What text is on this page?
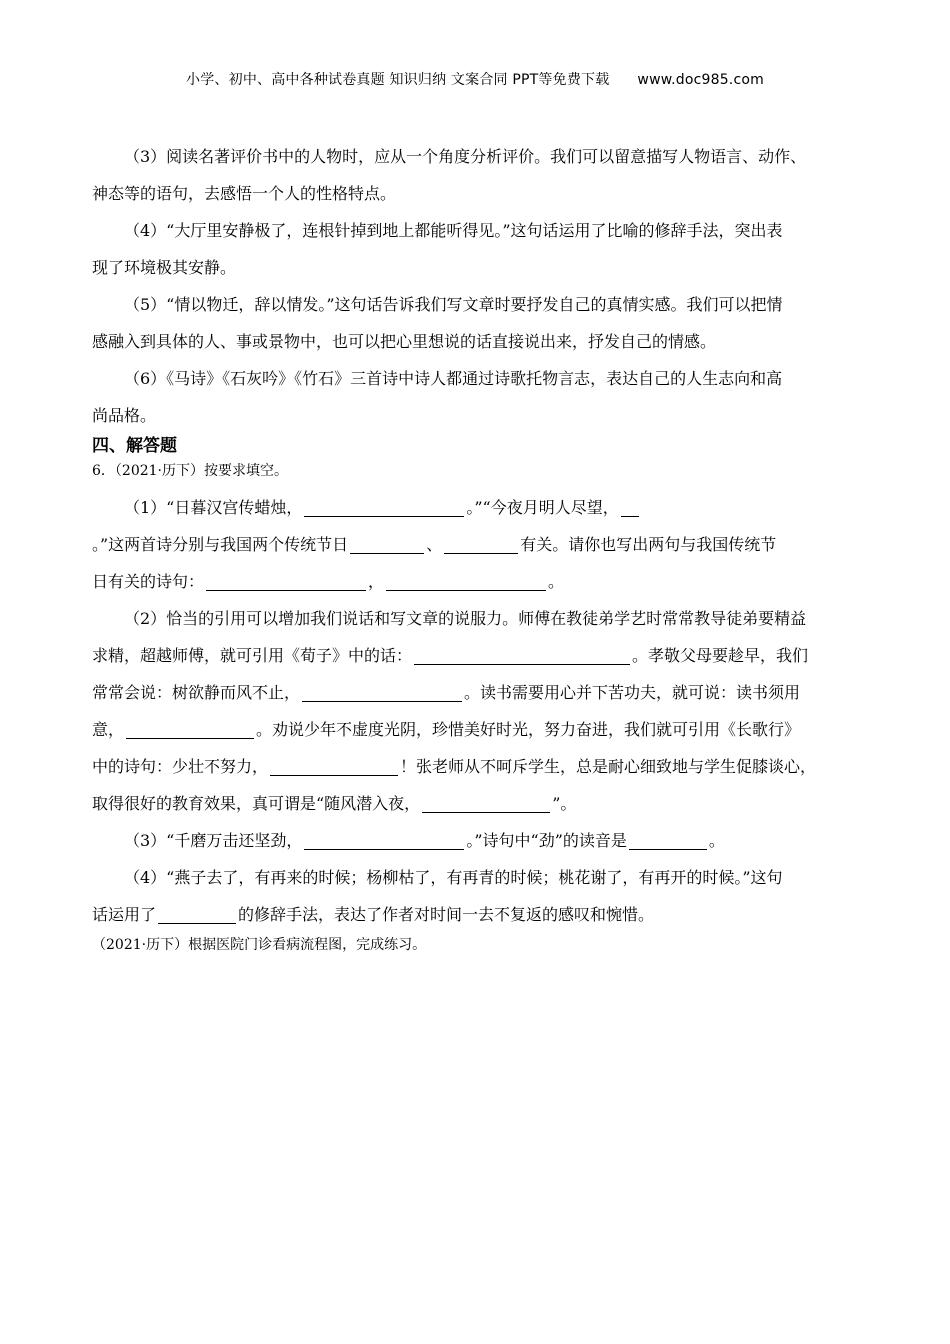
小学、初中、高中各种试卷真题 知识归纳 文案合同 PPT等免费下载 www.doc985.com
（3）阅读名著评价书中的人物时，应从一个角度分析评价。我们可以留意描写人物语言、动作、
神态等的语句，去感悟一个人的性格特点。
（4）“大厅里安静极了，连根针掉到地上都能听得见。”这句话运用了比喻的修辞手法，突出表
现了环境极其安静。
（5）“情以物迁，辞以情发。”这句话告诉我们写文章时要抒发自己的真情实感。我们可以把情
感融入到具体的人、事或景物中，也可以把心里想说的话直接说出来，抒发自己的情感。
（6）《马诗》《石灰吟》《竹石》三首诗中诗人都通过诗歌托物言志，表达自己的人生志向和高
尚品格。
四、解答题
6．（2021·历下）按要求填空。
（1）“日暮汉宫传蜡烛，	。”“今夜月明人尽望，
。”这两首诗分别与我国两个传统节日	、	有关。请你也写出两句与我国传统节
日有关的诗句：	，	。
（2）恰当的引用可以增加我们说话和写文章的说服力。师傅在教徒弟学艺时常常教导徒弟要精益
求精，超越师傅，就可引用《荀子》中的话：	。孝敬父母要趁早，我们
常常会说：树欲静而风不止，	。读书需要用心并下苦功夫，就可说：读书须用
意，	。劝说少年不虚度光阴，珍惜美好时光，努力奋进，我们就可引用《长歌行》
中的诗句：少壮不努力，	！张老师从不呵斥学生，总是耐心细致地与学生促膝谈心，
取得很好的教育效果，真可谓是“随风潜入夜，	”。
（3）“千磨万击还坚劲，	。”诗句中“劲”的读音是	。
（4）“燕子去了，有再来的时候；杨柳枯了，有再青的时候；桃花谢了，有再开的时候。”这句
话运用了	的修辞手法，表达了作者对时间一去不复返的感叹和惋惜。
（2021·历下）根据医院门诊看病流程图，完成练习。
